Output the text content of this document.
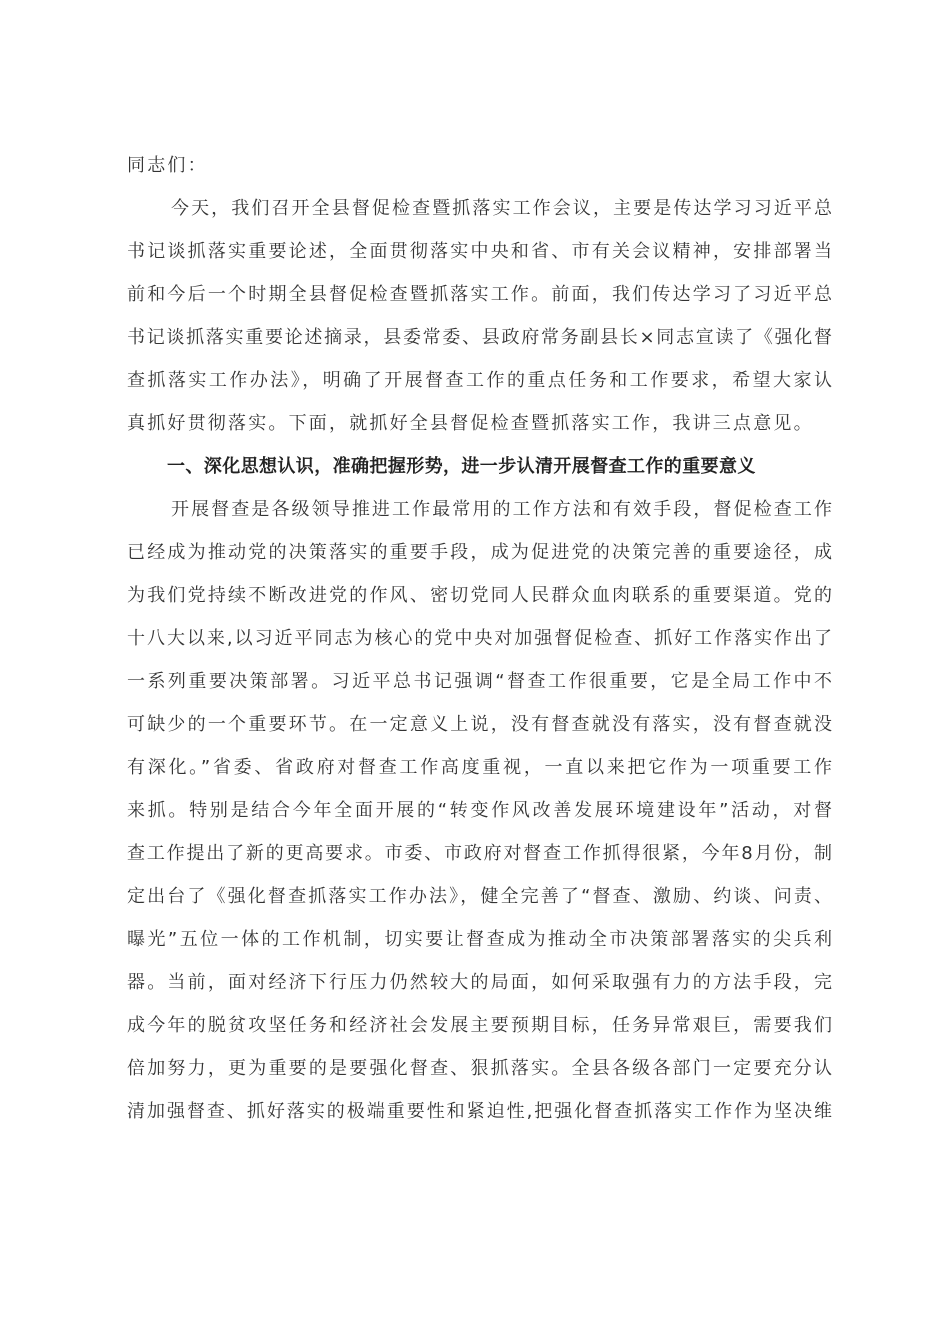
同志们：
今天，我们召开全县督促检查暨抓落实工作会议，主要是传达学习习近平总
书记谈抓落实重要论述，全面贯彻落实中央和省、市有关会议精神，安排部署当
前和今后一个时期全县督促检查暨抓落实工作。前面，我们传达学习了习近平总
书记谈抓落实重要论述摘录，县委常委、县政府常务副县长×同志宣读了《强化督
查抓落实工作办法》，明确了开展督查工作的重点任务和工作要求，希望大家认
真抓好贯彻落实。下面，就抓好全县督促检查暨抓落实工作，我讲三点意见。
一、深化思想认识，准确把握形势，进一步认清开展督查工作的重要意义
开展督查是各级领导推进工作最常用的工作方法和有效手段，督促检查工作
已经成为推动党的决策落实的重要手段，成为促进党的决策完善的重要途径，成
为我们党持续不断改进党的作风、密切党同人民群众血肉联系的重要渠道。党的
十八大以来,以习近平同志为核心的党中央对加强督促检查、抓好工作落实作出了
一系列重要决策部署。习近平总书记强调“督查工作很重要，它是全局工作中不
可缺少的一个重要环节。在一定意义上说，没有督查就没有落实，没有督查就没
有深化。”省委、省政府对督查工作高度重视，一直以来把它作为一项重要工作
来抓。特别是结合今年全面开展的“转变作风改善发展环境建设年”活动，对督
查工作提出了新的更高要求。市委、市政府对督查工作抓得很紧，今年8月份，制
定出台了《强化督查抓落实工作办法》，健全完善了“督查、激励、约谈、问责、
曝光”五位一体的工作机制，切实要让督查成为推动全市决策部署落实的尖兵利
器。当前，面对经济下行压力仍然较大的局面，如何采取强有力的方法手段，完
成今年的脱贫攻坚任务和经济社会发展主要预期目标，任务异常艰巨，需要我们
倍加努力，更为重要的是要强化督查、狠抓落实。全县各级各部门一定要充分认
清加强督查、抓好落实的极端重要性和紧迫性,把强化督查抓落实工作作为坚决维
